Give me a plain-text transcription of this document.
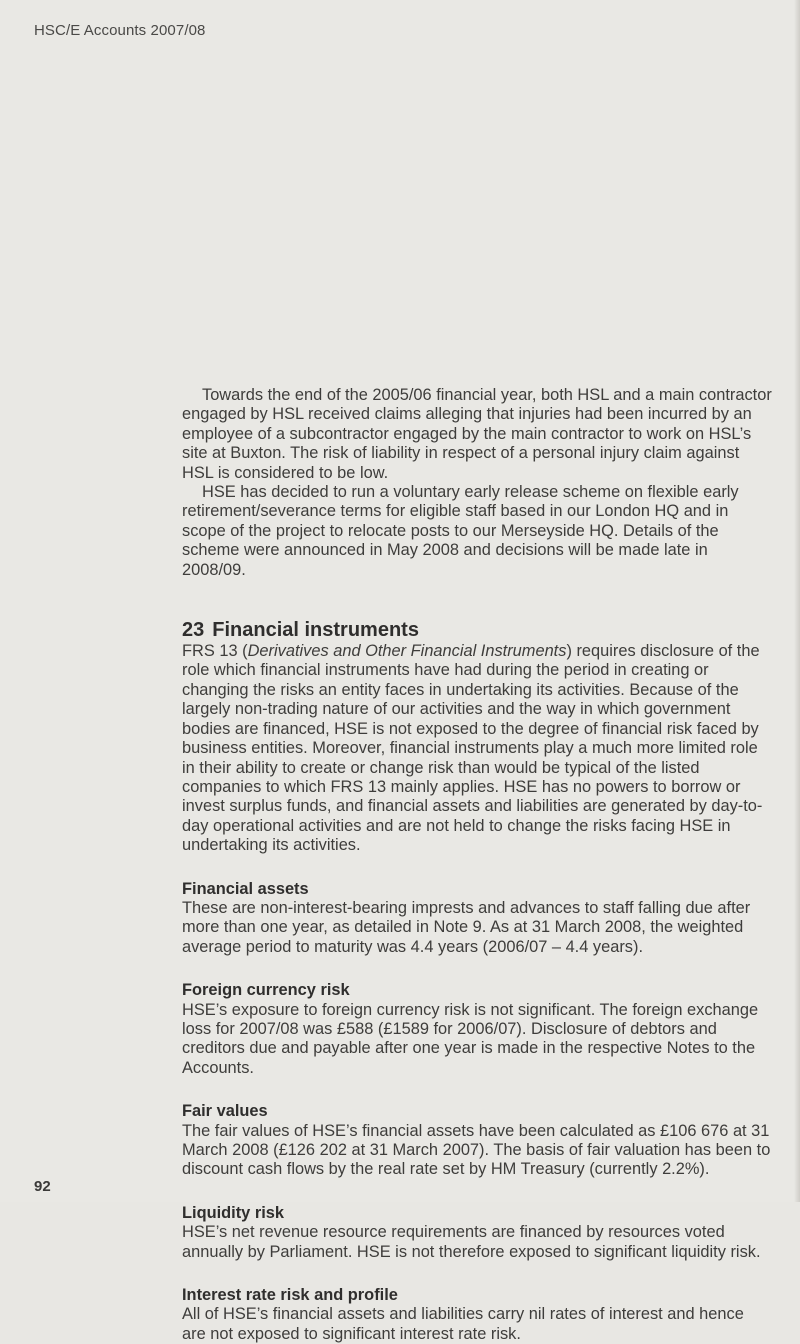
HSC/E Accounts 2007/08

Towards the end of the 2005/06 financial year, both HSL and a main contractor engaged by HSL received claims alleging that injuries had been incurred by an employee of a subcontractor engaged by the main contractor to work on HSL’s site at Buxton. The risk of liability in respect of a personal injury claim against HSL is considered to be low.

HSE has decided to run a voluntary early release scheme on flexible early retirement/severance terms for eligible staff based in our London HQ and in scope of the project to relocate posts to our Merseyside HQ. Details of the scheme were announced in May 2008 and decisions will be made late in 2008/09.

23 Financial instruments

FRS 13 (Derivatives and Other Financial Instruments) requires disclosure of the role which financial instruments have had during the period in creating or changing the risks an entity faces in undertaking its activities. Because of the largely non-trading nature of our activities and the way in which government bodies are financed, HSE is not exposed to the degree of financial risk faced by business entities. Moreover, financial instruments play a much more limited role in their ability to create or change risk than would be typical of the listed companies to which FRS 13 mainly applies. HSE has no powers to borrow or invest surplus funds, and financial assets and liabilities are generated by day-to-day operational activities and are not held to change the risks facing HSE in undertaking its activities.

Financial assets

These are non-interest-bearing imprests and advances to staff falling due after more than one year, as detailed in Note 9. As at 31 March 2008, the weighted average period to maturity was 4.4 years (2006/07 – 4.4 years).

Foreign currency risk

HSE’s exposure to foreign currency risk is not significant. The foreign exchange loss for 2007/08 was £588 (£1589 for 2006/07). Disclosure of debtors and creditors due and payable after one year is made in the respective Notes to the Accounts.

Fair values

The fair values of HSE’s financial assets have been calculated as £106 676 at 31 March 2008 (£126 202 at 31 March 2007). The basis of fair valuation has been to discount cash flows by the real rate set by HM Treasury (currently 2.2%).

Liquidity risk

HSE’s net revenue resource requirements are financed by resources voted annually by Parliament. HSE is not therefore exposed to significant liquidity risk.

Interest rate risk and profile

All of HSE’s financial assets and liabilities carry nil rates of interest and hence are not exposed to significant interest rate risk.

92
